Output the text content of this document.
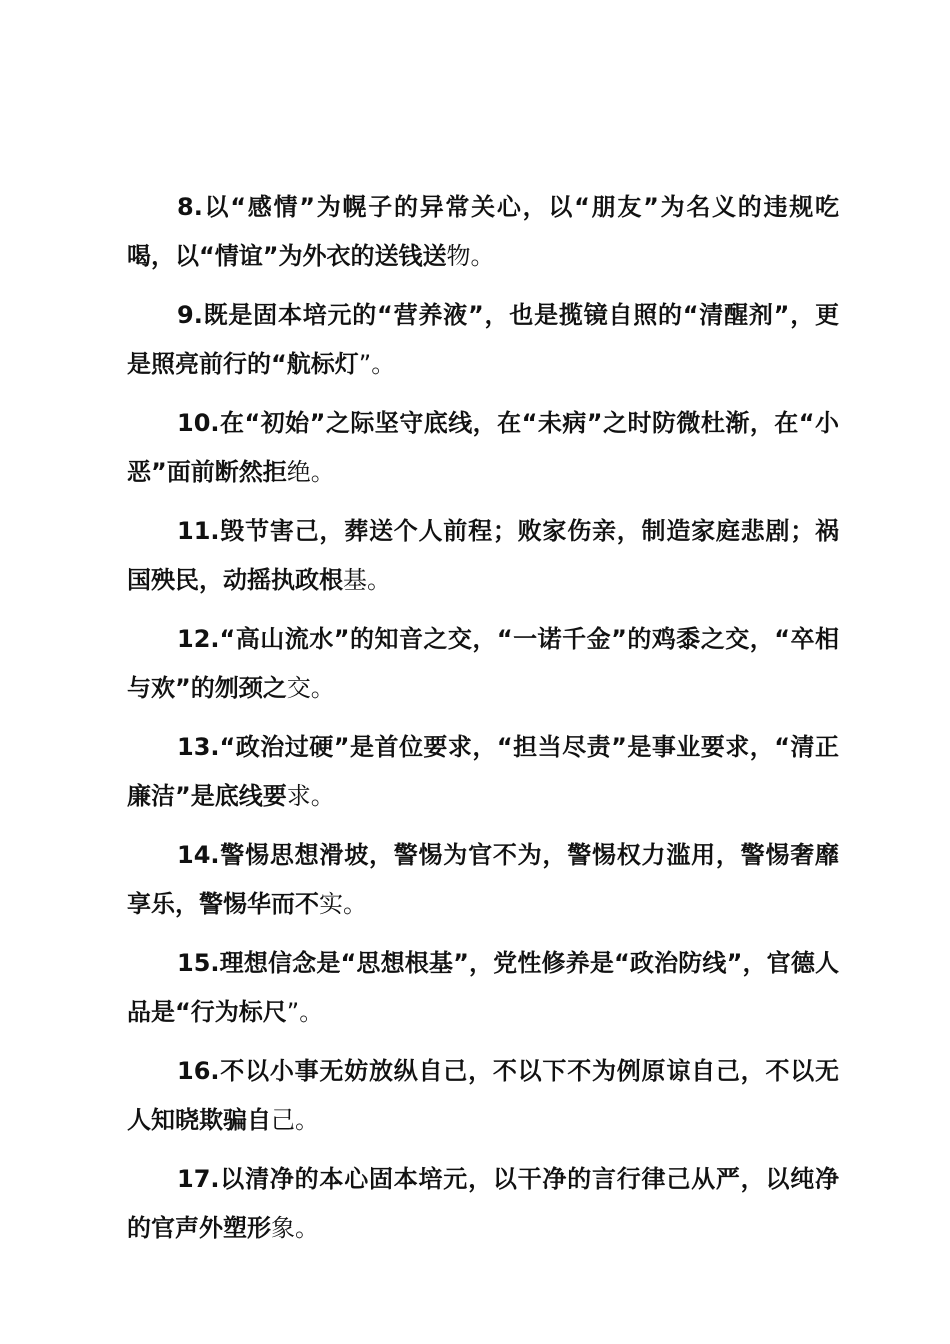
8.以“感情”为幌子的异常关心，以“朋友”为名义的违规吃喝，以“情谊”为外衣的送钱送物。

9.既是固本培元的“营养液”，也是揽镜自照的“清醒剂”，更是照亮前行的“航标灯”。

10.在“初始”之际坚守底线，在“未病”之时防微杜渐，在“小恶”面前断然拒绝。

11.毁节害己，葬送个人前程；败家伤亲，制造家庭悲剧；祸国殃民，动摇执政根基。

12.“高山流水”的知音之交，“一诺千金”的鸡黍之交，“卒相与欢”的刎颈之交。

13.“政治过硬”是首位要求，“担当尽责”是事业要求，“清正廉洁”是底线要求。

14.警惕思想滑坡，警惕为官不为，警惕权力滥用，警惕奢靡享乐，警惕华而不实。

15.理想信念是“思想根基”，党性修养是“政治防线”，官德人品是“行为标尺”。

16.不以小事无妨放纵自己，不以下不为例原谅自己，不以无人知晓欺骗自己。

17.以清净的本心固本培元，以干净的言行律己从严，以纯净的官声外塑形象。
